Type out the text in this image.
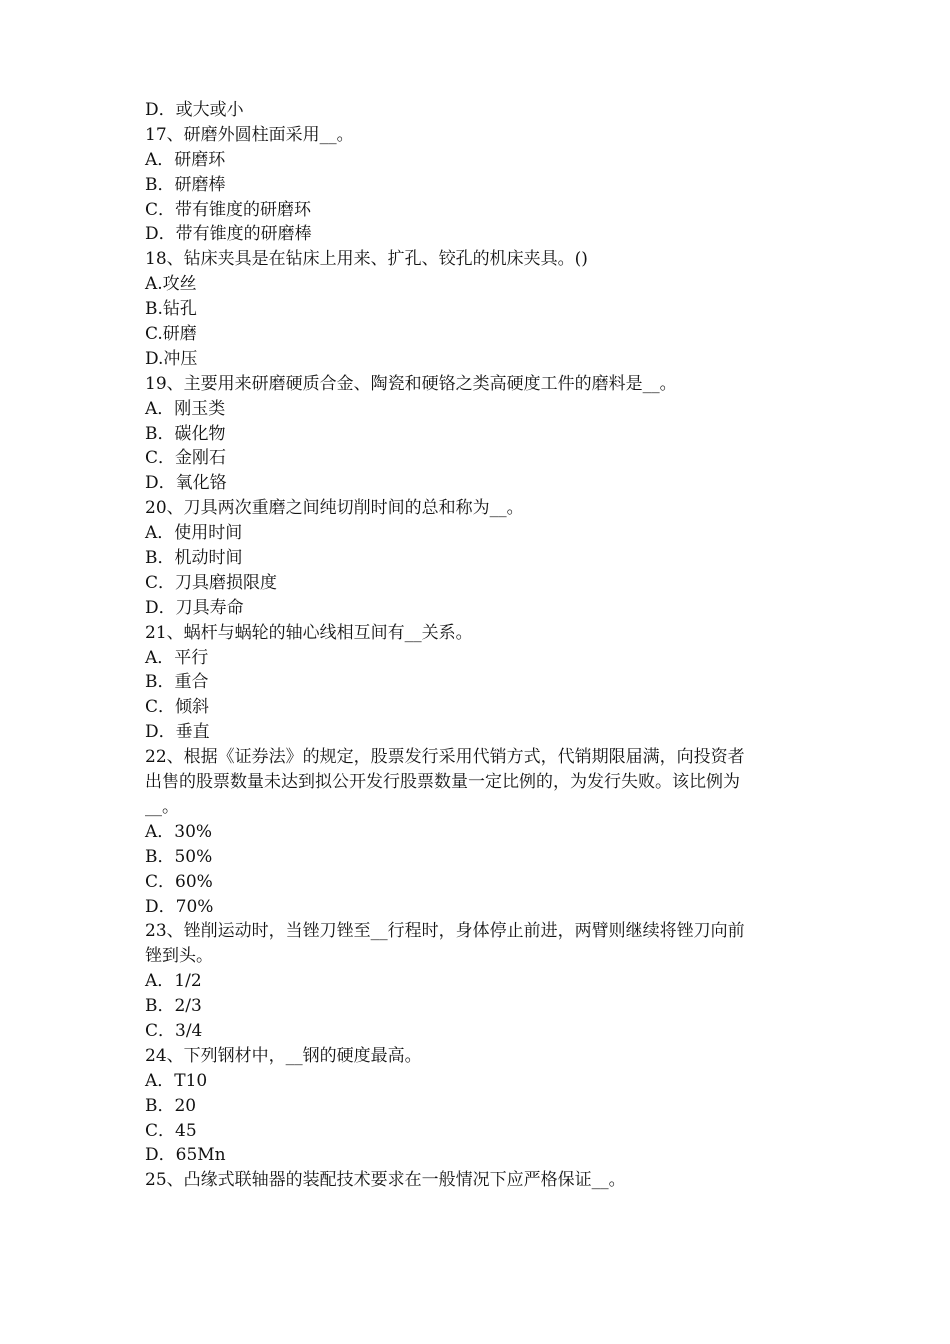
D．或大或小
17、研磨外圆柱面采用__。
A．研磨环
B．研磨棒
C．带有锥度的研磨环
D．带有锥度的研磨棒
18、钻床夹具是在钻床上用来、扩孔、铰孔的机床夹具。()
A.攻丝
B.钻孔
C.研磨
D.冲压
19、主要用来研磨硬质合金、陶瓷和硬铬之类高硬度工件的磨料是__。
A．刚玉类
B．碳化物
C．金刚石
D．氧化铬
20、刀具两次重磨之间纯切削时间的总和称为__。
A．使用时间
B．机动时间
C．刀具磨损限度
D．刀具寿命
21、蜗杆与蜗轮的轴心线相互间有__关系。
A．平行
B．重合
C．倾斜
D．垂直
22、根据《证券法》的规定，股票发行采用代销方式，代销期限届满，向投资者
出售的股票数量未达到拟公开发行股票数量一定比例的，为发行失败。该比例为
__。
A．30%
B．50%
C．60%
D．70%
23、锉削运动时，当锉刀锉至__行程时，身体停止前进，两臂则继续将锉刀向前
锉到头。
A．1/2
B．2/3
C．3/4
24、下列钢材中，__钢的硬度最高。
A．T10
B．20
C．45
D．65Mn
25、凸缘式联轴器的装配技术要求在一般情况下应严格保证__。
